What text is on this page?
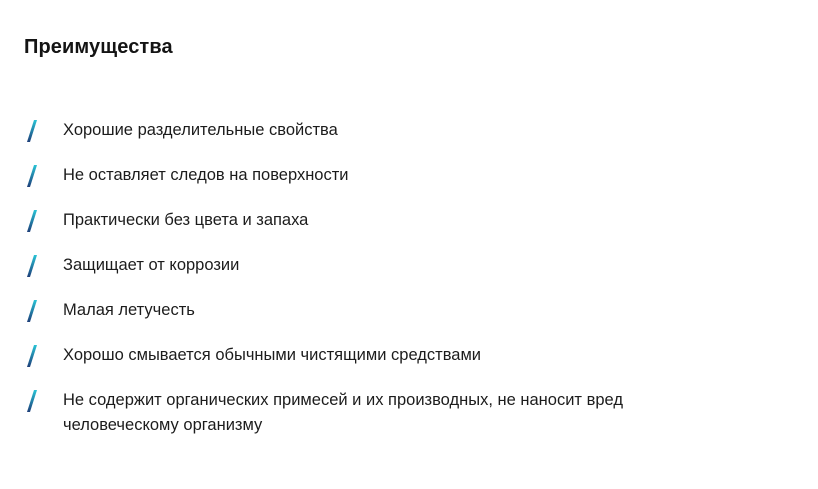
Преимущества
Хорошие разделительные свойства
Не оставляет следов на поверхности
Практически без цвета и запаха
Защищает от коррозии
Малая летучесть
Хорошо смывается обычными чистящими средствами
Не содержит органических примесей и их производных, не наносит вред человеческому организму
